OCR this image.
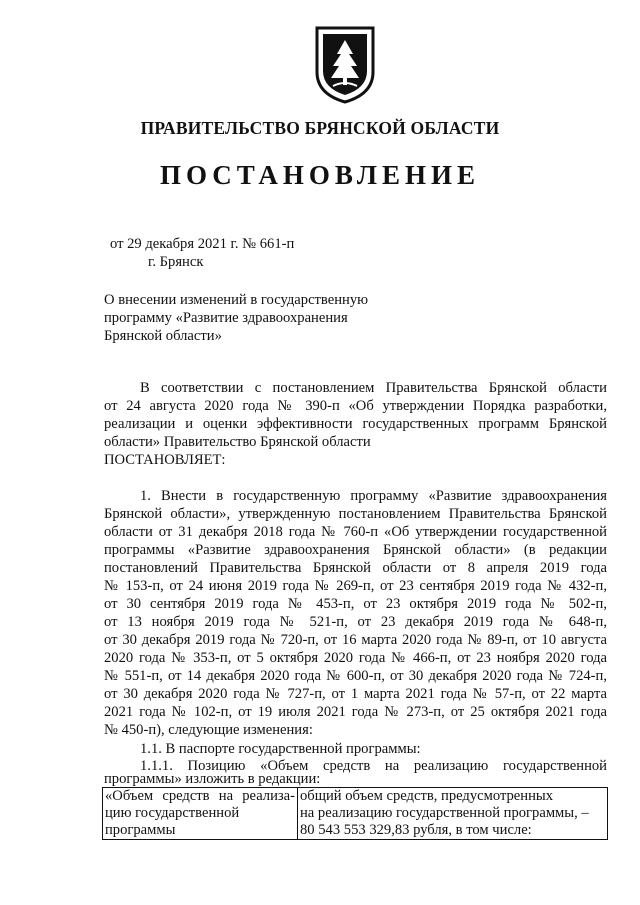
ПРАВИТЕЛЬСТВО БРЯНСКОЙ ОБЛАСТИ
ПОСТАНОВЛЕНИЕ
от 29 декабря 2021 г. № 661-п
г. Брянск
О внесении изменений в государственную
программу «Развитие здравоохранения
Брянской области»
В соответствии с постановлением Правительства Брянской области
от 24 августа 2020 года № 390-п «Об утверждении Порядка разработки,
реализации и оценки эффективности государственных программ Брянской
области» Правительство Брянской области
ПОСТАНОВЛЯЕТ:
1. Внести в государственную программу «Развитие здравоохранения
Брянской области», утвержденную постановлением Правительства Брянской
области от 31 декабря 2018 года № 760-п «Об утверждении государственной
программы «Развитие здравоохранения Брянской области» (в редакции
постановлений Правительства Брянской области от 8 апреля 2019 года
№ 153-п, от 24 июня 2019 года № 269-п, от 23 сентября 2019 года № 432-п,
от 30 сентября 2019 года № 453-п, от 23 октября 2019 года № 502-п,
от 13 ноября 2019 года № 521-п, от 23 декабря 2019 года № 648-п,
от 30 декабря 2019 года № 720-п, от 16 марта 2020 года № 89-п, от 10 августа
2020 года № 353-п, от 5 октября 2020 года № 466-п, от 23 ноября 2020 года
№ 551-п, от 14 декабря 2020 года № 600-п, от 30 декабря 2020 года № 724-п,
от 30 декабря 2020 года № 727-п, от 1 марта 2021 года № 57-п, от 22 марта
2021 года № 102-п, от 19 июля 2021 года № 273-п, от 25 октября 2021 года
№ 450-п), следующие изменения:
1.1. В паспорте государственной программы:
1.1.1. Позицию «Объем средств на реализацию государственной
программы» изложить в редакции:
«Объем средств на реализа-
цию государственной
программы

общий объем средств, предусмотренных
на реализацию государственной программы, –
80 543 553 329,83 рубля, в том числе:
